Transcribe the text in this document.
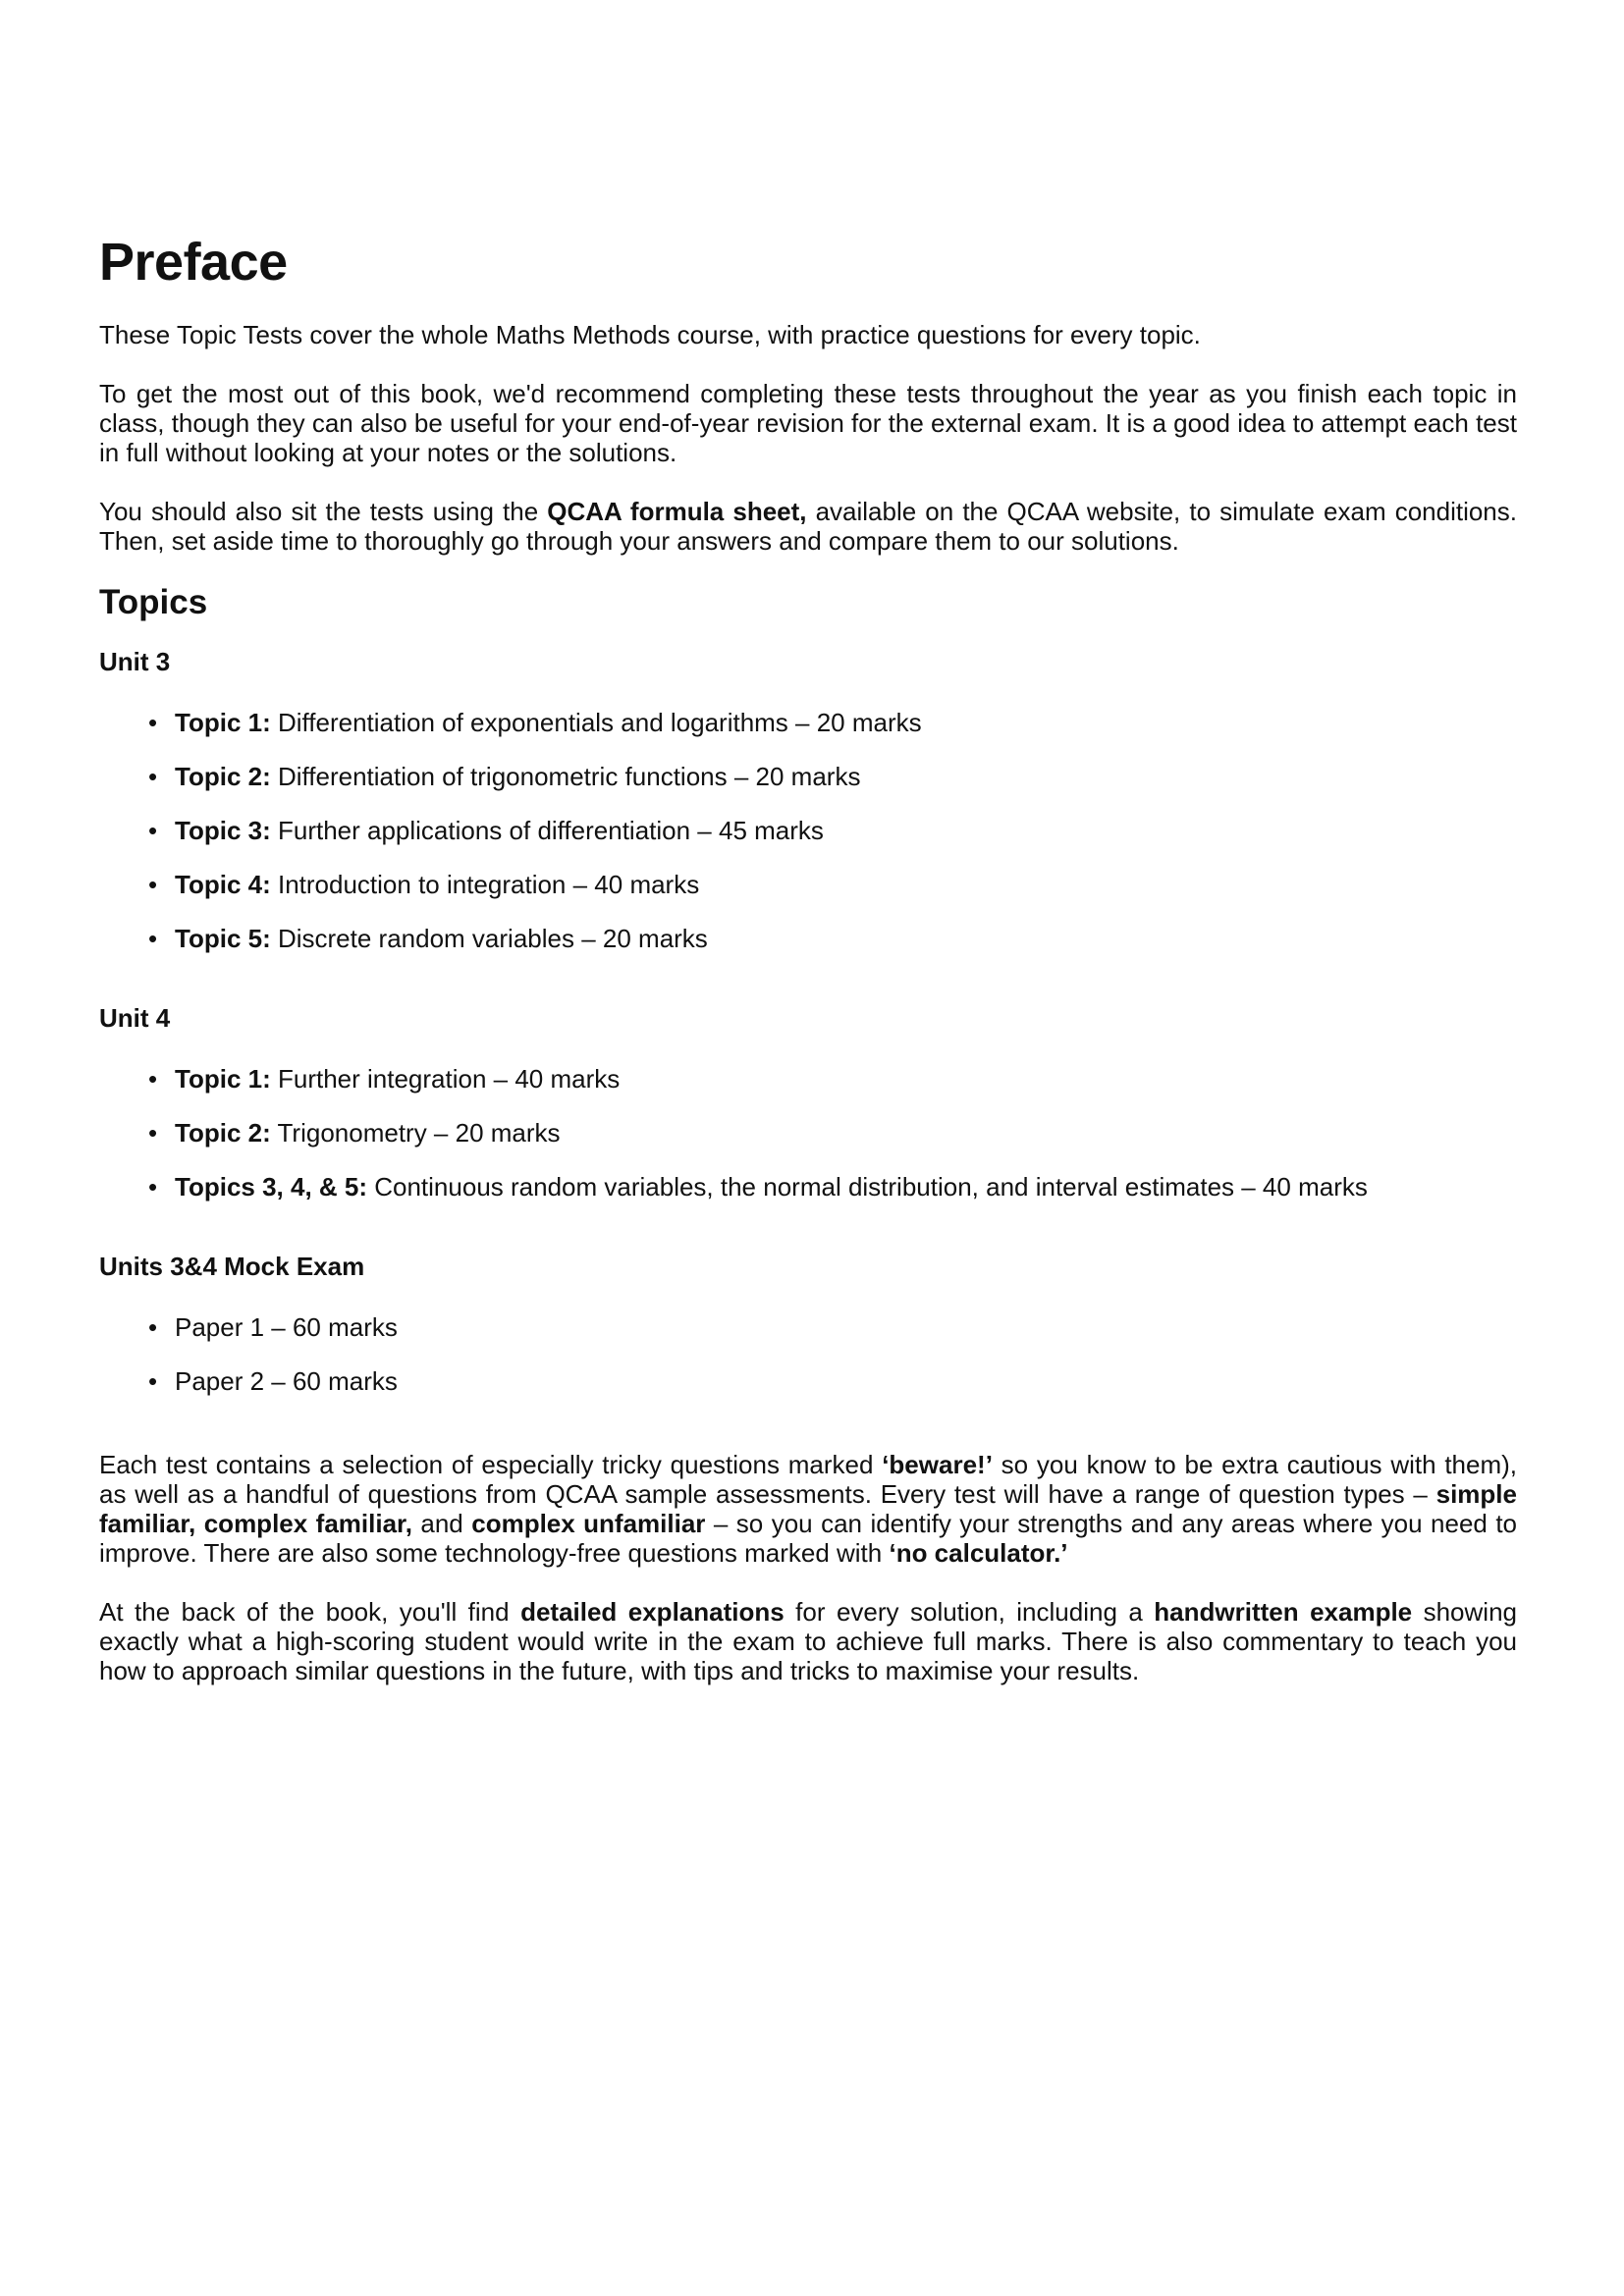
Preface

These Topic Tests cover the whole Maths Methods course, with practice questions for every topic.

To get the most out of this book, we'd recommend completing these tests throughout the year as you finish each topic in class, though they can also be useful for your end-of-year revision for the external exam. It is a good idea to attempt each test in full without looking at your notes or the solutions.

You should also sit the tests using the QCAA formula sheet, available on the QCAA website, to simulate exam conditions. Then, set aside time to thoroughly go through your answers and compare them to our solutions.

Topics
Unit 3
• Topic 1: Differentiation of exponentials and logarithms – 20 marks
• Topic 2: Differentiation of trigonometric functions – 20 marks
• Topic 3: Further applications of differentiation – 45 marks
• Topic 4: Introduction to integration – 40 marks
• Topic 5: Discrete random variables – 20 marks
Unit 4
• Topic 1: Further integration – 40 marks
• Topic 2: Trigonometry – 20 marks
• Topics 3, 4, & 5: Continuous random variables, the normal distribution, and interval estimates – 40 marks
Units 3&4 Mock Exam
• Paper 1 – 60 marks
• Paper 2 – 60 marks

Each test contains a selection of especially tricky questions marked ‘beware!’ so you know to be extra cautious with them), as well as a handful of questions from QCAA sample assessments. Every test will have a range of question types – simple familiar, complex familiar, and complex unfamiliar – so you can identify your strengths and any areas where you need to improve. There are also some technology-free questions marked with ‘no calculator.’

At the back of the book, you'll find detailed explanations for every solution, including a handwritten example showing exactly what a high-scoring student would write in the exam to achieve full marks. There is also commentary to teach you how to approach similar questions in the future, with tips and tricks to maximise your results.
